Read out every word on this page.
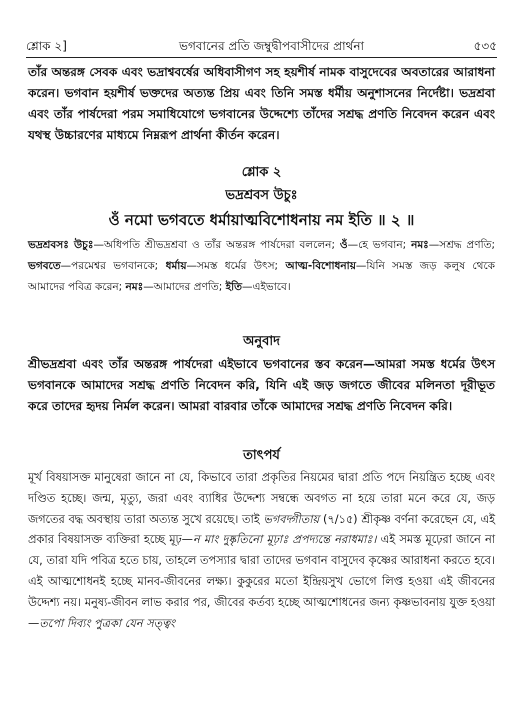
শ্লোক ২]	ভগবানের প্রতি জম্বুদ্বীপবাসীদের প্রার্থনা	৫৩৫
তাঁর অন্তরঙ্গ সেবক এবং ভদ্রাশ্ববর্ষের অধিবাসীগণ সহ হয়শীর্ষ নামক বাসুদেবের অবতারের আরাধনা করেন। ভগবান হয়শীর্ষ ভক্তদের অত্যন্ত প্রিয় এবং তিনি সমস্ত ধর্মীয় অনুশাসনের নির্দেষ্টা। ভদ্রশ্রবা এবং তাঁর পার্ষদেরা পরম সমাধিযোগে ভগবানের উদ্দেশ্যে তাঁদের সশ্রদ্ধ প্রণতি নিবেদন করেন এবং যথস্থ উচ্চারণের মাধ্যমে নিম্নরূপ প্রার্থনা কীর্তন করেন।
শ্লোক ২
ভদ্রশ্রবস উচুঃ
ওঁ নমো ভগবতে ধর্মায়াত্মবিশোধনায় নম ইতি ॥ ২ ॥
ভদ্রশ্রবসঃ উচুঃ—অধিপতি শ্রীভদ্রশ্রবা ও তাঁর অন্তরঙ্গ পার্ষদেরা বললেন; ওঁ—হে ভগবান; নমঃ—সশ্রদ্ধ প্রণতি; ভগবতে—পরমেশ্বর ভগবানকে; ধর্মায়—সমস্ত ধর্মের উৎস; আত্ম-বিশোধনায়—যিনি সমস্ত জড় কলুষ থেকে আমাদের পবিত্র করেন; নমঃ—আমাদের প্রণতি; ইতি—এইভাবে।
অনুবাদ
শ্রীভদ্রশ্রবা এবং তাঁর অন্তরঙ্গ পার্ষদেরা এইভাবে ভগবানের স্তব করেন—আমরা সমস্ত ধর্মের উৎস ভগবানকে আমাদের সশ্রদ্ধ প্রণতি নিবেদন করি, যিনি এই জড় জগতে জীবের মলিনতা দূরীভূত করে তাদের হৃদয় নির্মল করেন। আমরা বারবার তাঁকে আমাদের সশ্রদ্ধ প্রণতি নিবেদন করি।
তাৎপর্য
মূর্খ বিষয়াসক্ত মানুষেরা জানে না যে, কিভাবে তারা প্রকৃতির নিয়মের দ্বারা প্রতি পদে নিয়ন্ত্রিত হচ্ছে এবং দণ্ডিত হচ্ছে। জন্ম, মৃত্যু, জরা এবং ব্যাধির উদ্দেশ্য সম্বন্ধে অবগত না হয়ে তারা মনে করে যে, জড় জগতের বদ্ধ অবস্থায় তারা অত্যন্ত সুখে রয়েছে। তাই ভগবদ্গীতায় (৭/১৫) শ্রীকৃষ্ণ বর্ণনা করেছেন যে, এই প্রকার বিষয়াসক্ত ব্যক্তিরা হচ্ছে মূঢ়—ন মাং দুষ্কৃতিনো মূঢ়াঃ প্রপদ্যন্তে নরাধমাঃ। এই সমস্ত মূঢ়েরা জানে না যে, তারা যদি পবিত্র হতে চায়, তাহলে তপস্যার দ্বারা তাদের ভগবান বাসুদেব কৃষ্ণের আরাধনা করতে হবে। এই আত্মশোধনই হচ্ছে মানব-জীবনের লক্ষ্য। কুকুরের মতো ইন্দ্রিয়সুখ ভোগে লিপ্ত হওয়া এই জীবনের উদ্দেশ্য নয়। মনুষ্য-জীবন লাভ করার পর, জীবের কর্তব্য হচ্ছে আত্মশোধনের জন্য কৃষ্ণভাবনায় যুক্ত হওয়া—তপো দিব্যং পুত্রকা যেন সত্ত্বং
